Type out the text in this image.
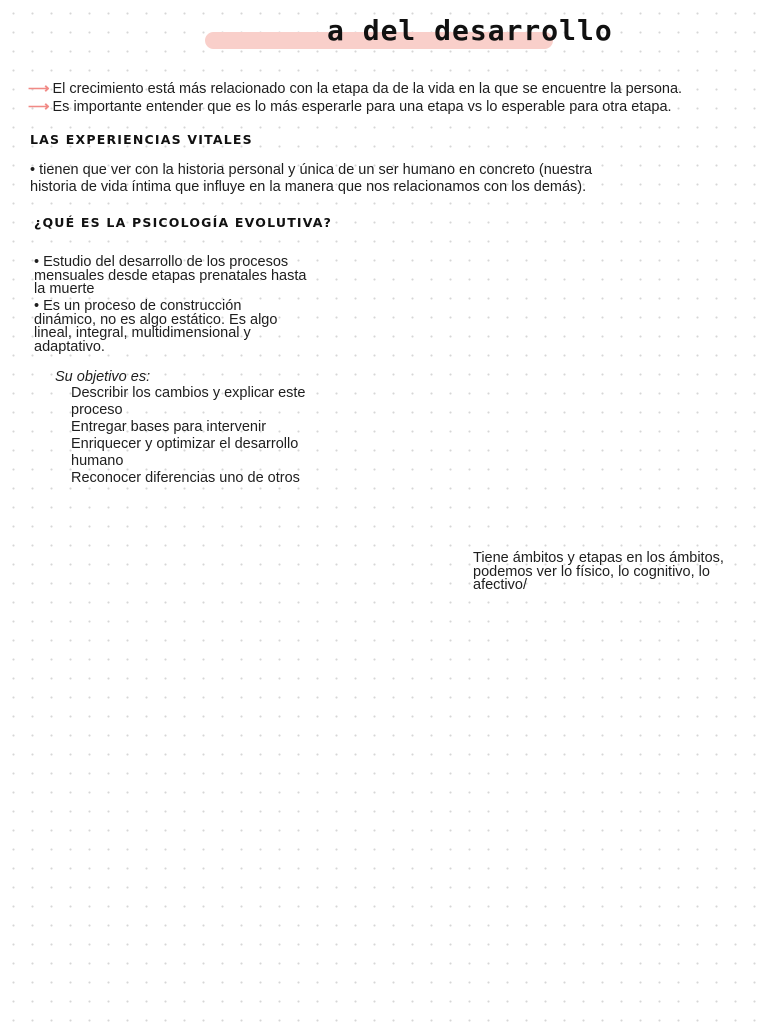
a del desarrollo
⟶ El crecimiento está más relacionado con la etapa da de la vida en la que se encuentre la persona.
⟶ Es importante entender que es lo más esperarle para una etapa vs lo esperable para otra etapa.
LAS EXPERIENCIAS VITALES
• tienen que ver con la historia personal y única de un ser humano en concreto (nuestra
historia de vida íntima que influye en la manera que nos relacionamos con los demás).
¿QUÉ ES LA PSICOLOGÍA EVOLUTIVA?
• Estudio del desarrollo de los procesos
mensuales desde etapas prenatales hasta
la muerte
• Es un proceso de construcción
dinámico, no es algo estático. Es algo
lineal, integral, multidimensional y
adaptativo.
Su objetivo es:
Describir los cambios y explicar este
proceso
Entregar bases para intervenir
Enriquecer y optimizar el desarrollo
humano
Reconocer diferencias uno de otros
Tiene ámbitos y etapas en los ámbitos,
podemos ver lo físico, lo cognitivo, lo
afectivo/
